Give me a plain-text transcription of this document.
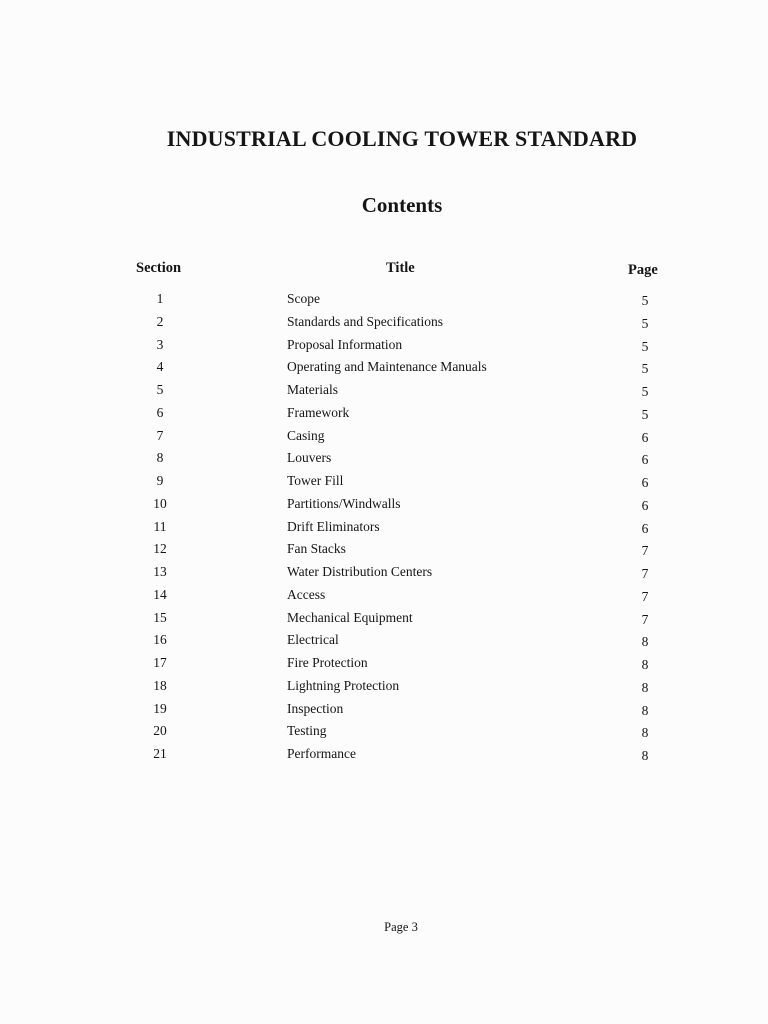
INDUSTRIAL COOLING TOWER STANDARD
Contents
Section	Title	Page
1	Scope	5
2	Standards and Specifications	5
3	Proposal Information	5
4	Operating and Maintenance Manuals	5
5	Materials	5
6	Framework	5
7	Casing	6
8	Louvers	6
9	Tower Fill	6
10	Partitions/Windwalls	6
11	Drift Eliminators	6
12	Fan Stacks	7
13	Water Distribution Centers	7
14	Access	7
15	Mechanical Equipment	7
16	Electrical	8
17	Fire Protection	8
18	Lightning Protection	8
19	Inspection	8
20	Testing	8
21	Performance	8
Page 3
